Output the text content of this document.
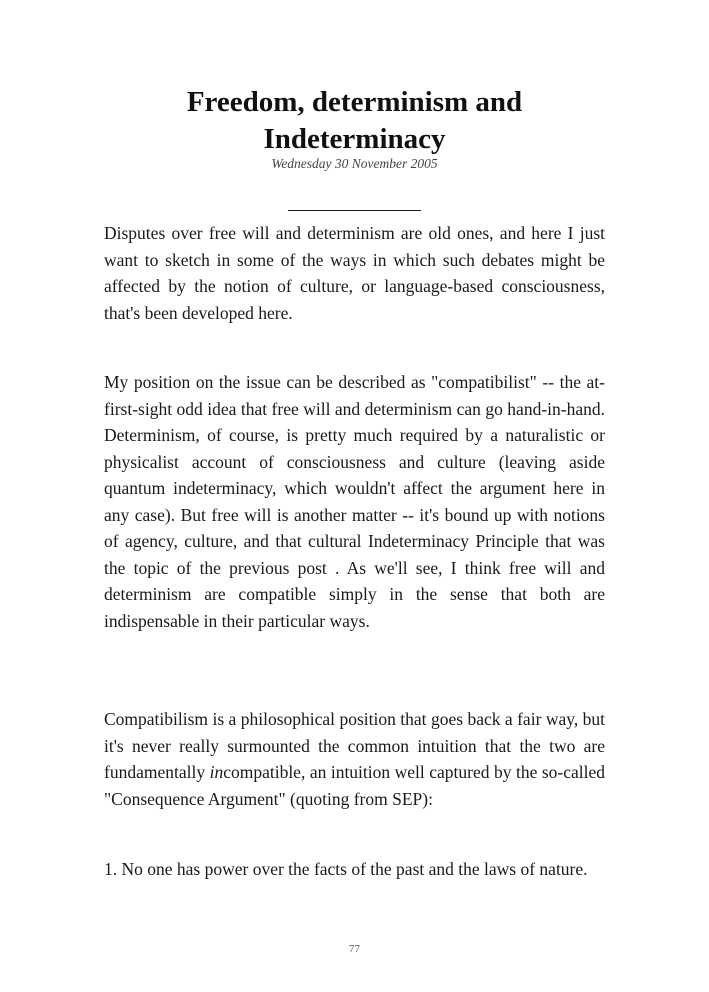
Freedom, determinism and
Indeterminacy
Wednesday 30 November 2005

Disputes over free will and determinism are old ones, and here I just want to sketch in some of the ways in which such debates might be affected by the notion of culture, or language-based consciousness, that's been developed here.

My position on the issue can be described as "compatibilist" -- the at-first-sight odd idea that free will and determinism can go hand-in-hand. Determinism, of course, is pretty much required by a naturalistic or physicalist account of consciousness and culture (leaving aside quantum indeterminacy, which wouldn't affect the argument here in any case). But free will is another matter -- it's bound up with notions of agency, culture, and that cultural Indeterminacy Principle that was the topic of the previous post . As we'll see, I think free will and determinism are compatible simply in the sense that both are indispensable in their particular ways.

Compatibilism is a philosophical position that goes back a fair way, but it's never really surmounted the common intuition that the two are fundamentally incompatible, an intuition well captured by the so-called "Consequence Argument" (quoting from SEP):

1. No one has power over the facts of the past and the laws of nature.

77
